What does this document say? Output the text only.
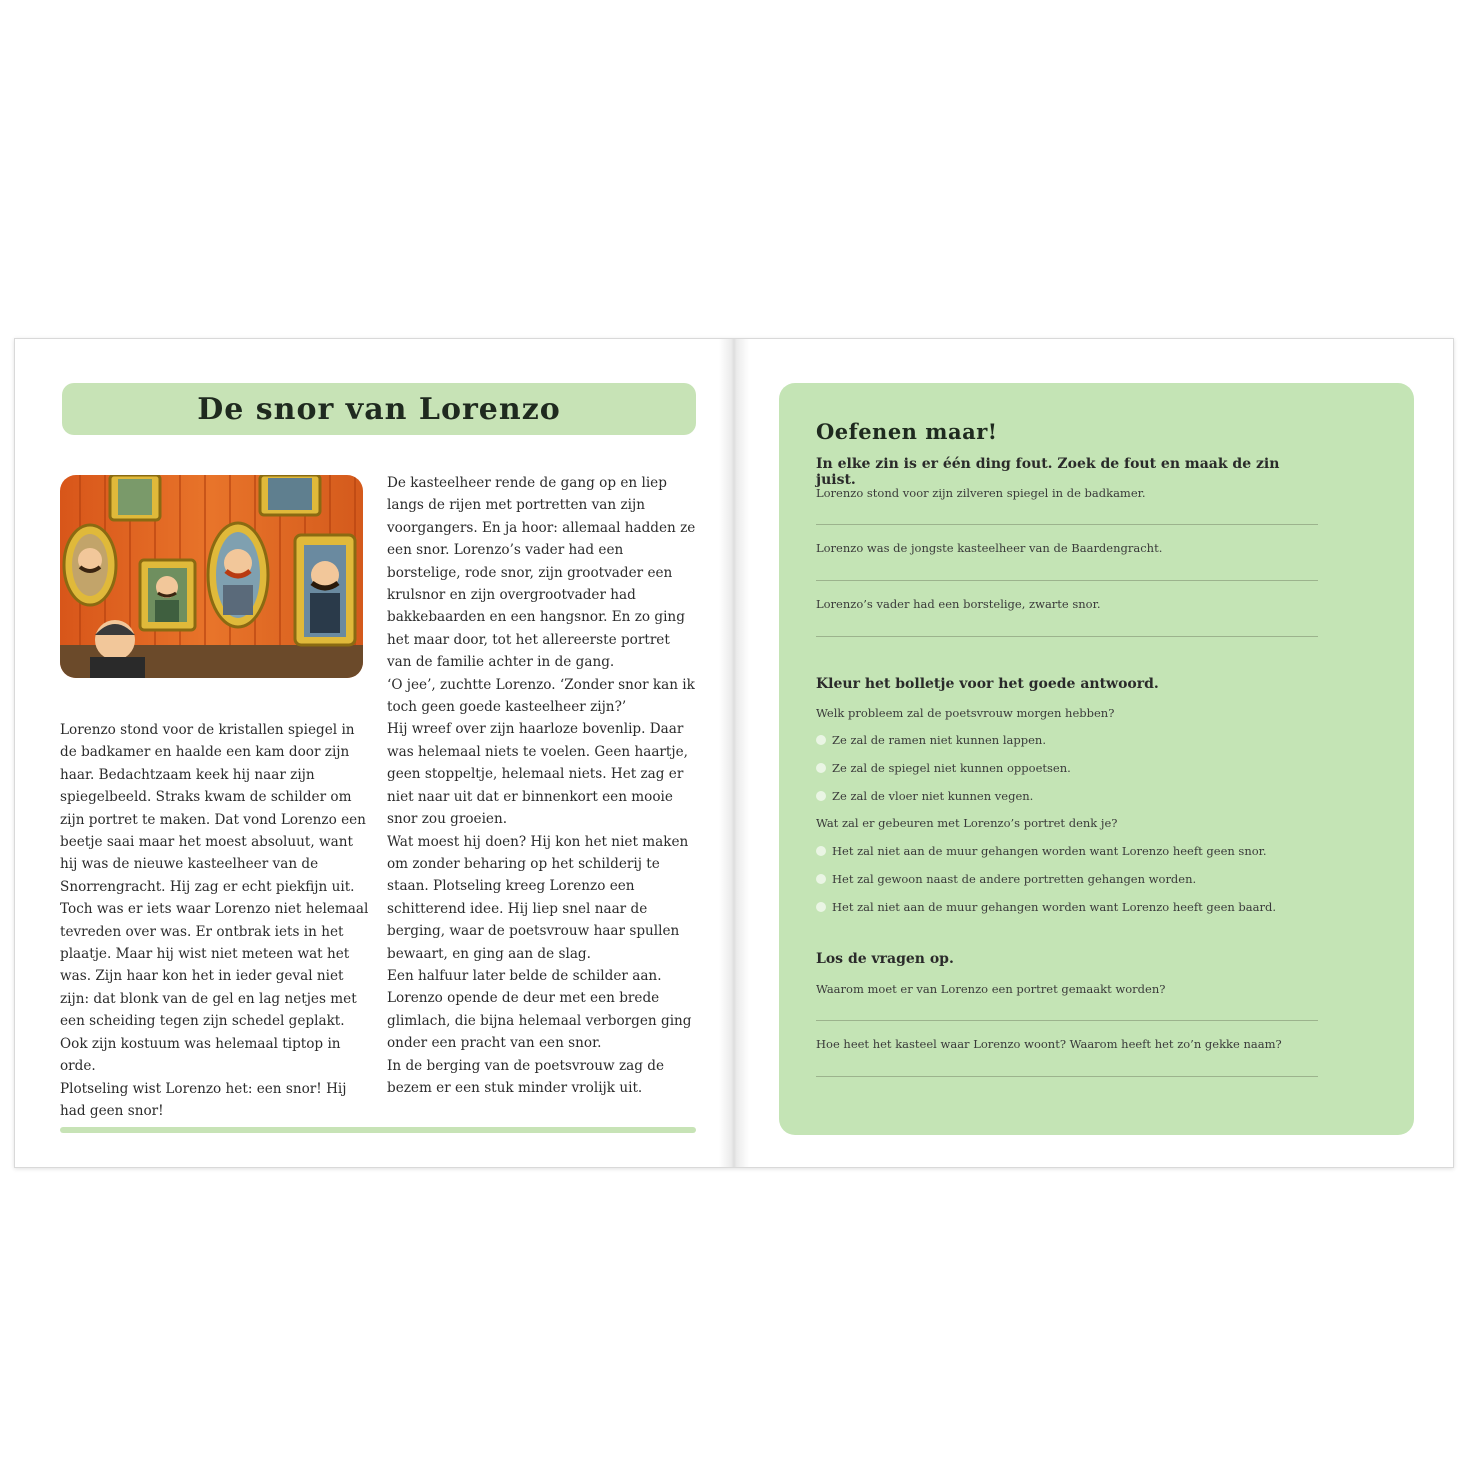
De snor van Lorenzo

De kasteelheer rende de gang op en liep langs de rijen met portretten van zijn voorgangers. En ja hoor: allemaal hadden ze een snor. Lorenzo’s vader had een borstelige, rode snor, zijn grootvader een krulsnor en zijn overgrootvader had bakkebaarden en een hangsnor. En zo ging het maar door, tot het allereerste portret van de familie achter in de gang.

‘O jee’, zuchtte Lorenzo. ‘Zonder snor kan ik toch geen goede kasteelheer zijn?’

Hij wreef over zijn haarloze bovenlip. Daar was helemaal niets te voelen. Geen haartje, geen stoppeltje, helemaal niets. Het zag er niet naar uit dat er binnenkort een mooie snor zou groeien.

Wat moest hij doen? Hij kon het niet maken om zonder beharing op het schilderij te staan. Plotseling kreeg Lorenzo een schitterend idee. Hij liep snel naar de berging, waar de poetsvrouw haar spullen bewaart, en ging aan de slag.

Een halfuur later belde de schilder aan. Lorenzo opende de deur met een brede glimlach, die bijna helemaal verborgen ging onder een pracht van een snor.

In de berging van de poetsvrouw zag de bezem er een stuk minder vrolijk uit.

Lorenzo stond voor de kristallen spiegel in de badkamer en haalde een kam door zijn haar. Bedachtzaam keek hij naar zijn spiegelbeeld. Straks kwam de schilder om zijn portret te maken. Dat vond Lorenzo een beetje saai maar het moest absoluut, want hij was de nieuwe kasteelheer van de Snorrengracht. Hij zag er echt piekfijn uit.

Toch was er iets waar Lorenzo niet helemaal tevreden over was. Er ontbrak iets in het plaatje. Maar hij wist niet meteen wat het was. Zijn haar kon het in ieder geval niet zijn: dat blonk van de gel en lag netjes met een scheiding tegen zijn schedel geplakt. Ook zijn kostuum was helemaal tiptop in orde.

Plotseling wist Lorenzo het: een snor! Hij had geen snor!

Oefenen maar!

In elke zin is er één ding fout. Zoek de fout en maak de zin juist.

Lorenzo stond voor zijn zilveren spiegel in de badkamer.

Lorenzo was de jongste kasteelheer van de Baardengracht.

Lorenzo’s vader had een borstelige, zwarte snor.

Kleur het bolletje voor het goede antwoord.

Welk probleem zal de poetsvrouw morgen hebben?

Ze zal de ramen niet kunnen lappen.
Ze zal de spiegel niet kunnen oppoetsen.
Ze zal de vloer niet kunnen vegen.

Wat zal er gebeuren met Lorenzo’s portret denk je?

Het zal niet aan de muur gehangen worden want Lorenzo heeft geen snor.
Het zal gewoon naast de andere portretten gehangen worden.
Het zal niet aan de muur gehangen worden want Lorenzo heeft geen baard.

Los de vragen op.

Waarom moet er van Lorenzo een portret gemaakt worden?

Hoe heet het kasteel waar Lorenzo woont? Waarom heeft het zo’n gekke naam?
